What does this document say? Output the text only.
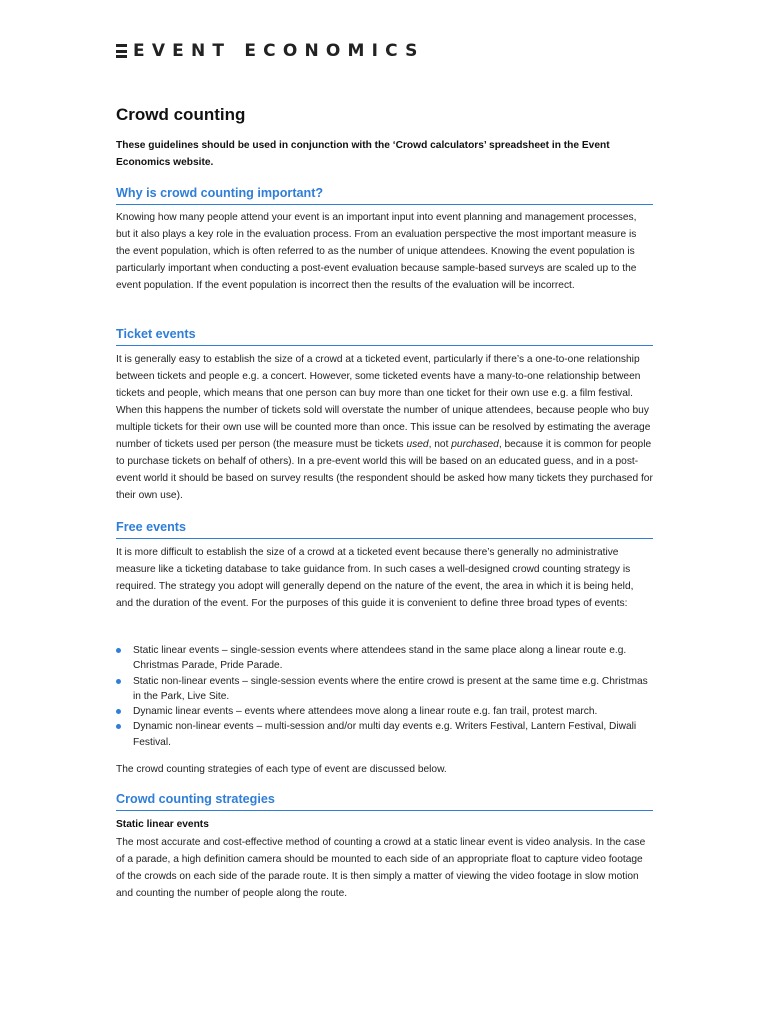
EVENT ECONOMICS
Crowd counting

These guidelines should be used in conjunction with the ‘Crowd calculators’ spreadsheet in the Event Economics website.

Why is crowd counting important?

Knowing how many people attend your event is an important input into event planning and management processes, but it also plays a key role in the evaluation process. From an evaluation perspective the most important measure is the event population, which is often referred to as the number of unique attendees. Knowing the event population is particularly important when conducting a post-event evaluation because sample-based surveys are scaled up to the event population. If the event population is incorrect then the results of the evaluation will be incorrect.

Ticket events

It is generally easy to establish the size of a crowd at a ticketed event, particularly if there’s a one-to-one relationship between tickets and people e.g. a concert. However, some ticketed events have a many-to-one relationship between tickets and people, which means that one person can buy more than one ticket for their own use e.g. a film festival. When this happens the number of tickets sold will overstate the number of unique attendees, because people who buy multiple tickets for their own use will be counted more than once. This issue can be resolved by estimating the average number of tickets used per person (the measure must be tickets used, not purchased, because it is common for people to purchase tickets on behalf of others). In a pre-event world this will be based on an educated guess, and in a post-event world it should be based on survey results (the respondent should be asked how many tickets they purchased for their own use).

Free events

It is more difficult to establish the size of a crowd at a ticketed event because there’s generally no administrative measure like a ticketing database to take guidance from. In such cases a well-designed crowd counting strategy is required. The strategy you adopt will generally depend on the nature of the event, the area in which it is being held, and the duration of the event. For the purposes of this guide it is convenient to define three broad types of events:

Static linear events – single-session events where attendees stand in the same place along a linear route e.g. Christmas Parade, Pride Parade.
Static non-linear events – single-session events where the entire crowd is present at the same time e.g. Christmas in the Park, Live Site.
Dynamic linear events – events where attendees move along a linear route e.g. fan trail, protest march.
Dynamic non-linear events – multi-session and/or multi day events e.g. Writers Festival, Lantern Festival, Diwali Festival.

The crowd counting strategies of each type of event are discussed below.

Crowd counting strategies
Static linear events

The most accurate and cost-effective method of counting a crowd at a static linear event is video analysis. In the case of a parade, a high definition camera should be mounted to each side of an appropriate float to capture video footage of the crowds on each side of the parade route. It is then simply a matter of viewing the video footage in slow motion and counting the number of people along the route.
